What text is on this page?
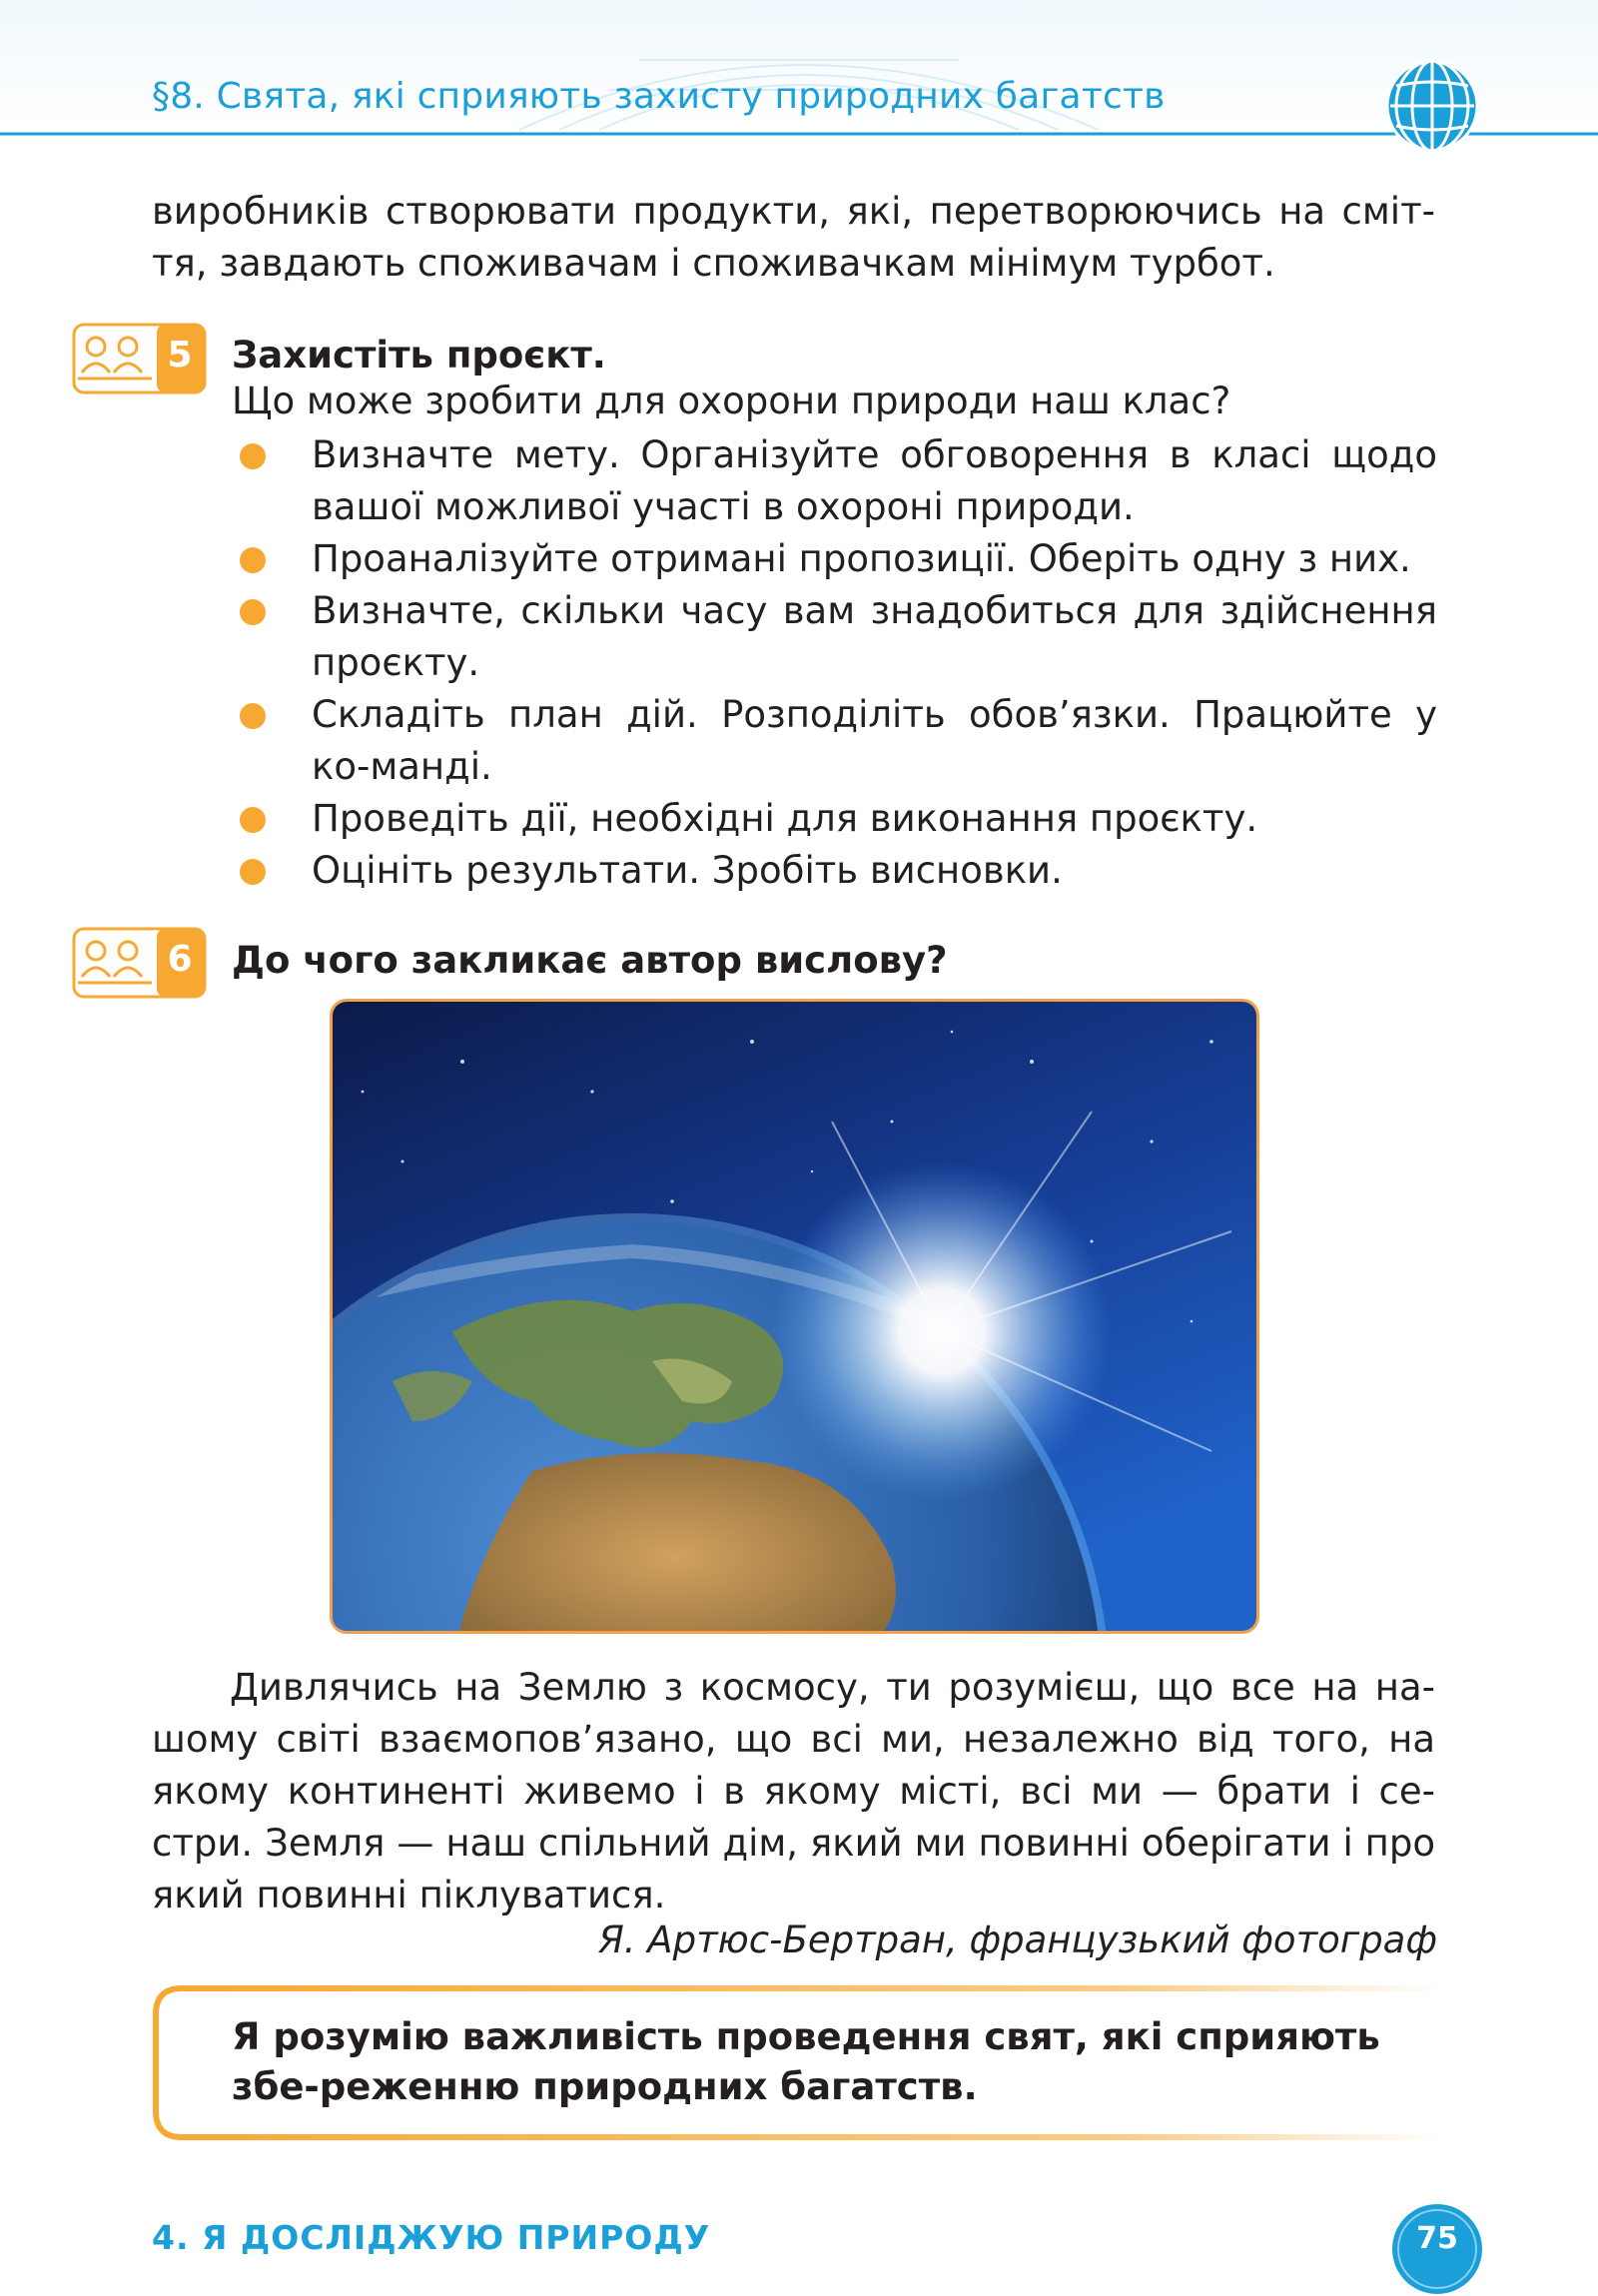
§8. Свята, які сприяють захисту природних багатств
виробників створювати продукти, які, перетворюючись на сміт-тя, завдають споживачам і споживачкам мінімум турбот.
5 Захистіть проєкт.
Що може зробити для охорони природи наш клас?
Визначте мету. Організуйте обговорення в класі щодо вашої можливої участі в охороні природи.
Проаналізуйте отримані пропозиції. Оберіть одну з них.
Визначте, скільки часу вам знадобиться для здійснення проєкту.
Складіть план дій. Розподіліть обов’язки. Працюйте у ко-манді.
Проведіть дії, необхідні для виконання проєкту.
Оцініть результати. Зробіть висновки.
6 До чого закликає автор вислову?
Дивлячись на Землю з космосу, ти розумієш, що все на на-шому світі взаємопов’язано, що всі ми, незалежно від того, на якому континенті живемо і в якому місті, всі ми — брати і се-стри. Земля — наш спільний дім, який ми повинні оберігати і про який повинні піклуватися.
Я. Артюс-Бертран, французький фотограф
Я розумію важливість проведення свят, які сприяють збе-реженню природних багатств.
4. Я ДОСЛІДЖУЮ ПРИРОДУ	75
